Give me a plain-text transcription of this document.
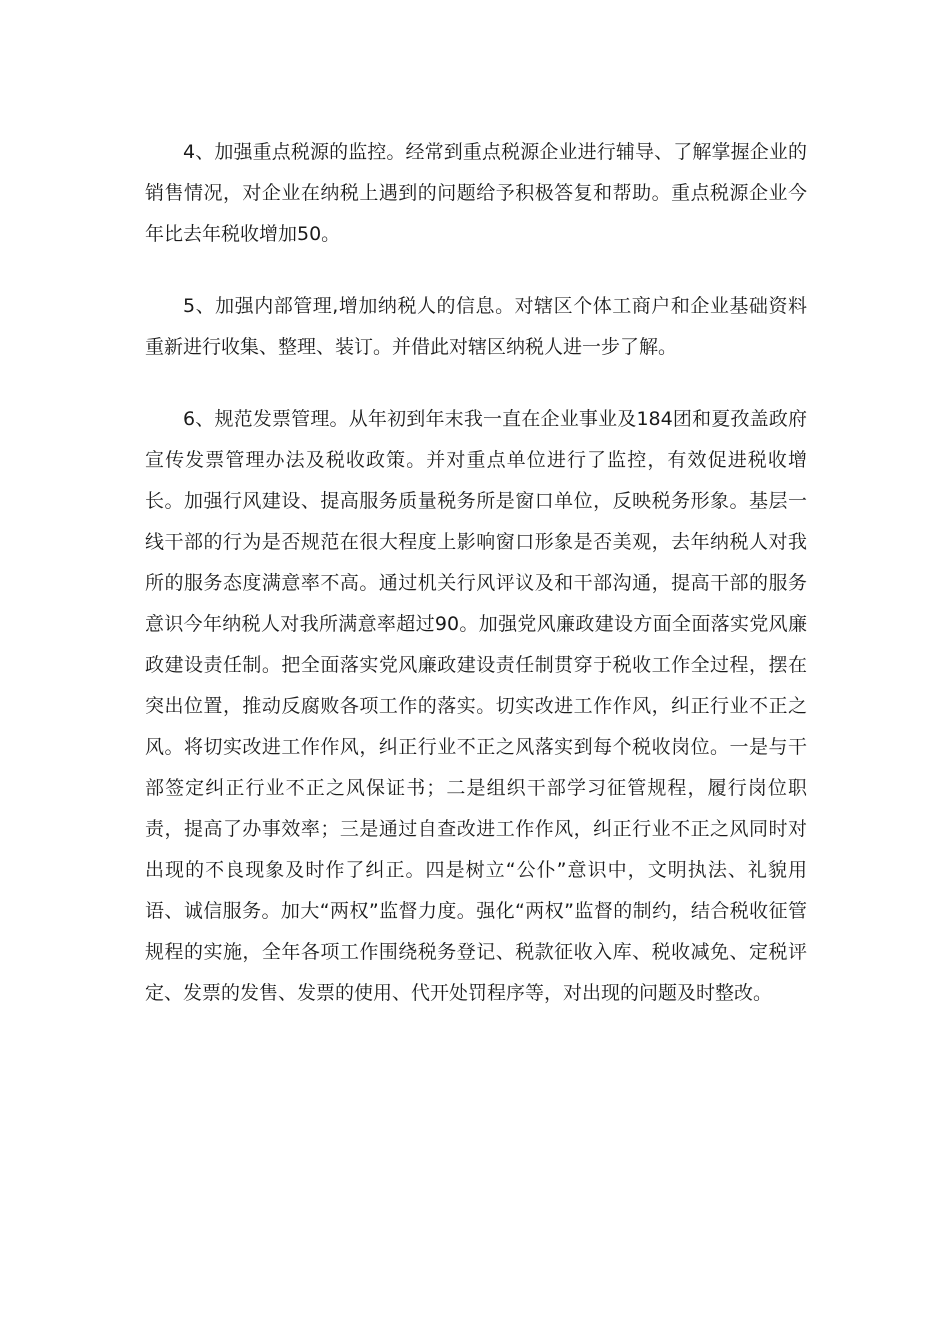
4、加强重点税源的监控。经常到重点税源企业进行辅导、了解掌握企业的销售情况，对企业在纳税上遇到的问题给予积极答复和帮助。重点税源企业今年比去年税收增加50。

5、加强内部管理,增加纳税人的信息。对辖区个体工商户和企业基础资料重新进行收集、整理、装订。并借此对辖区纳税人进一步了解。

6、规范发票管理。从年初到年末我一直在企业事业及184团和夏孜盖政府宣传发票管理办法及税收政策。并对重点单位进行了监控，有效促进税收增长。加强行风建设、提高服务质量税务所是窗口单位，反映税务形象。基层一线干部的行为是否规范在很大程度上影响窗口形象是否美观，去年纳税人对我所的服务态度满意率不高。通过机关行风评议及和干部沟通，提高干部的服务意识今年纳税人对我所满意率超过90。加强党风廉政建设方面全面落实党风廉政建设责任制。把全面落实党风廉政建设责任制贯穿于税收工作全过程，摆在突出位置，推动反腐败各项工作的落实。切实改进工作作风，纠正行业不正之风。将切实改进工作作风，纠正行业不正之风落实到每个税收岗位。一是与干部签定纠正行业不正之风保证书；二是组织干部学习征管规程，履行岗位职责，提高了办事效率；三是通过自查改进工作作风，纠正行业不正之风同时对出现的不良现象及时作了纠正。四是树立“公仆”意识中，文明执法、礼貌用语、诚信服务。加大“两权”监督力度。强化“两权”监督的制约，结合税收征管规程的实施，全年各项工作围绕税务登记、税款征收入库、税收减免、定税评定、发票的发售、发票的使用、代开处罚程序等，对出现的问题及时整改。
